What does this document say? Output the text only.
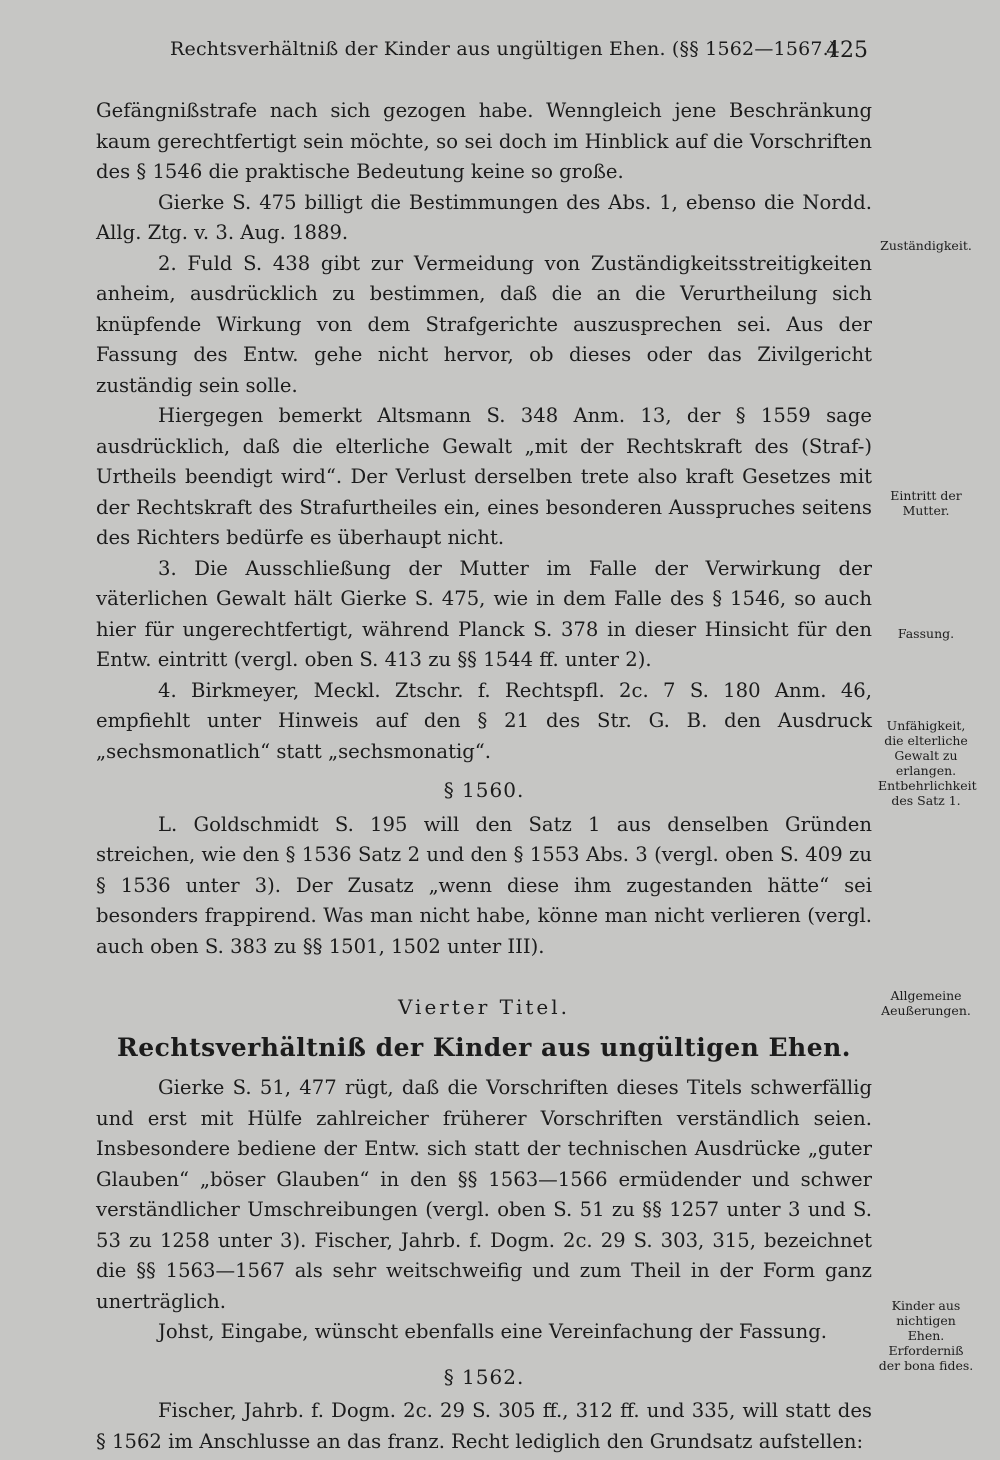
Rechtsverhältniß der Kinder aus ungültigen Ehen. (§§ 1562—1567.)
425

Gefängnißstrafe nach sich gezogen habe. Wenngleich jene Beschränkung kaum gerechtfertigt sein möchte, so sei doch im Hinblick auf die Vorschriften des § 1546 die praktische Bedeutung keine so große.

Gierke S. 475 billigt die Bestimmungen des Abs. 1, ebenso die Nordd. Allg. Ztg. v. 3. Aug. 1889.

2. Fuld S. 438 gibt zur Vermeidung von Zuständigkeitsstreitigkeiten anheim, ausdrücklich zu bestimmen, daß die an die Verurtheilung sich knüpfende Wirkung von dem Strafgerichte auszusprechen sei. Aus der Fassung des Entw. gehe nicht hervor, ob dieses oder das Zivilgericht zuständig sein solle.

Hiergegen bemerkt Altsmann S. 348 Anm. 13, der § 1559 sage ausdrücklich, daß die elterliche Gewalt „mit der Rechtskraft des (Straf-) Urtheils beendigt wird“. Der Verlust derselben trete also kraft Gesetzes mit der Rechtskraft des Strafurtheiles ein, eines besonderen Ausspruches seitens des Richters bedürfe es überhaupt nicht.

3. Die Ausschließung der Mutter im Falle der Verwirkung der väterlichen Gewalt hält Gierke S. 475, wie in dem Falle des § 1546, so auch hier für ungerechtfertigt, während Planck S. 378 in dieser Hinsicht für den Entw. eintritt (vergl. oben S. 413 zu §§ 1544 ff. unter 2).

4. Birkmeyer, Meckl. Ztschr. f. Rechtspfl. 2c. 7 S. 180 Anm. 46, empfiehlt unter Hinweis auf den § 21 des Str. G. B. den Ausdruck „sechsmonatlich“ statt „sechsmonatig“.

§ 1560.

L. Goldschmidt S. 195 will den Satz 1 aus denselben Gründen streichen, wie den § 1536 Satz 2 und den § 1553 Abs. 3 (vergl. oben S. 409 zu § 1536 unter 3). Der Zusatz „wenn diese ihm zugestanden hätte“ sei besonders frappirend. Was man nicht habe, könne man nicht verlieren (vergl. auch oben S. 383 zu §§ 1501, 1502 unter III).

Vierter Titel.
Rechtsverhältniß der Kinder aus ungültigen Ehen.

Gierke S. 51, 477 rügt, daß die Vorschriften dieses Titels schwerfällig und erst mit Hülfe zahlreicher früherer Vorschriften verständlich seien. Insbesondere bediene der Entw. sich statt der technischen Ausdrücke „guter Glauben“ „böser Glauben“ in den §§ 1563—1566 ermüdender und schwer verständlicher Umschreibungen (vergl. oben S. 51 zu §§ 1257 unter 3 und S. 53 zu 1258 unter 3). Fischer, Jahrb. f. Dogm. 2c. 29 S. 303, 315, bezeichnet die §§ 1563—1567 als sehr weitschweifig und zum Theil in der Form ganz unerträglich.

Johst, Eingabe, wünscht ebenfalls eine Vereinfachung der Fassung.

§ 1562.

Fischer, Jahrb. f. Dogm. 2c. 29 S. 305 ff., 312 ff. und 335, will statt des § 1562 im Anschlusse an das franz. Recht lediglich den Grundsatz aufstellen:

Zuständigkeit.
Eintritt der Mutter.
Fassung.
Unfähigkeit, die elterliche Gewalt zu erlangen. Entbehrlichkeit des Satz 1.
Allgemeine Aeußerungen.
Kinder aus nichtigen Ehen. Erforderniß der bona fides.
